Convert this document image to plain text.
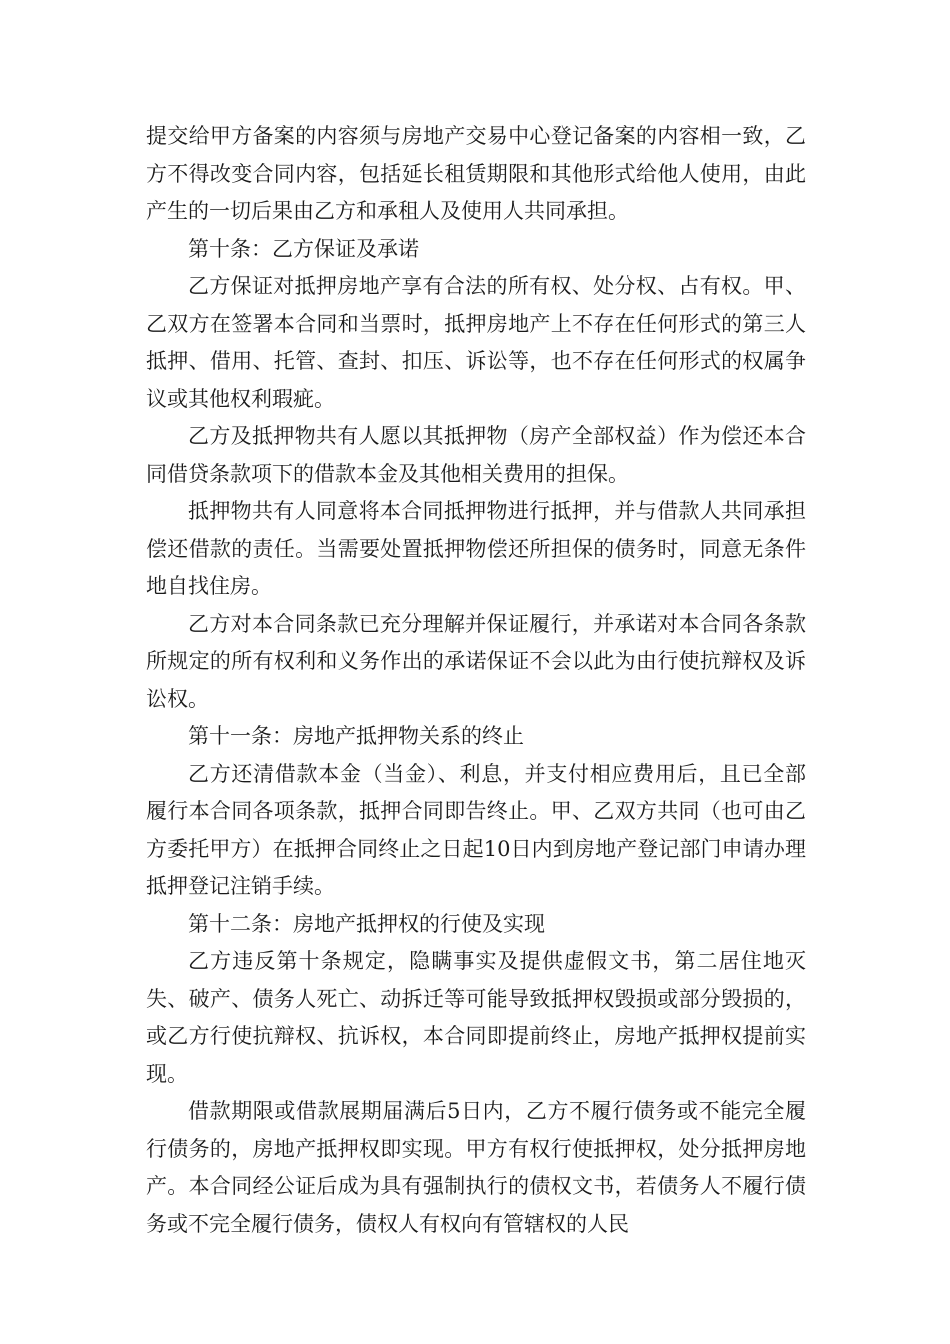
提交给甲方备案的内容须与房地产交易中心登记备案的内容相一致，乙方不得改变合同内容，包括延长租赁期限和其他形式给他人使用，由此产生的一切后果由乙方和承租人及使用人共同承担。

第十条：乙方保证及承诺

乙方保证对抵押房地产享有合法的所有权、处分权、占有权。甲、乙双方在签署本合同和当票时，抵押房地产上不存在任何形式的第三人抵押、借用、托管、查封、扣压、诉讼等，也不存在任何形式的权属争议或其他权利瑕疵。

乙方及抵押物共有人愿以其抵押物（房产全部权益）作为偿还本合同借贷条款项下的借款本金及其他相关费用的担保。

抵押物共有人同意将本合同抵押物进行抵押，并与借款人共同承担偿还借款的责任。当需要处置抵押物偿还所担保的债务时，同意无条件地自找住房。

乙方对本合同条款已充分理解并保证履行，并承诺对本合同各条款所规定的所有权利和义务作出的承诺保证不会以此为由行使抗辩权及诉讼权。

第十一条：房地产抵押物关系的终止

乙方还清借款本金（当金）、利息，并支付相应费用后，且已全部履行本合同各项条款，抵押合同即告终止。甲、乙双方共同（也可由乙方委托甲方）在抵押合同终止之日起10日内到房地产登记部门申请办理抵押登记注销手续。

第十二条：房地产抵押权的行使及实现

乙方违反第十条规定，隐瞒事实及提供虚假文书，第二居住地灭失、破产、债务人死亡、动拆迁等可能导致抵押权毁损或部分毁损的，或乙方行使抗辩权、抗诉权，本合同即提前终止，房地产抵押权提前实现。

借款期限或借款展期届满后5日内，乙方不履行债务或不能完全履行债务的，房地产抵押权即实现。甲方有权行使抵押权，处分抵押房地产。本合同经公证后成为具有强制执行的债权文书，若债务人不履行债务或不完全履行债务，债权人有权向有管辖权的人民
